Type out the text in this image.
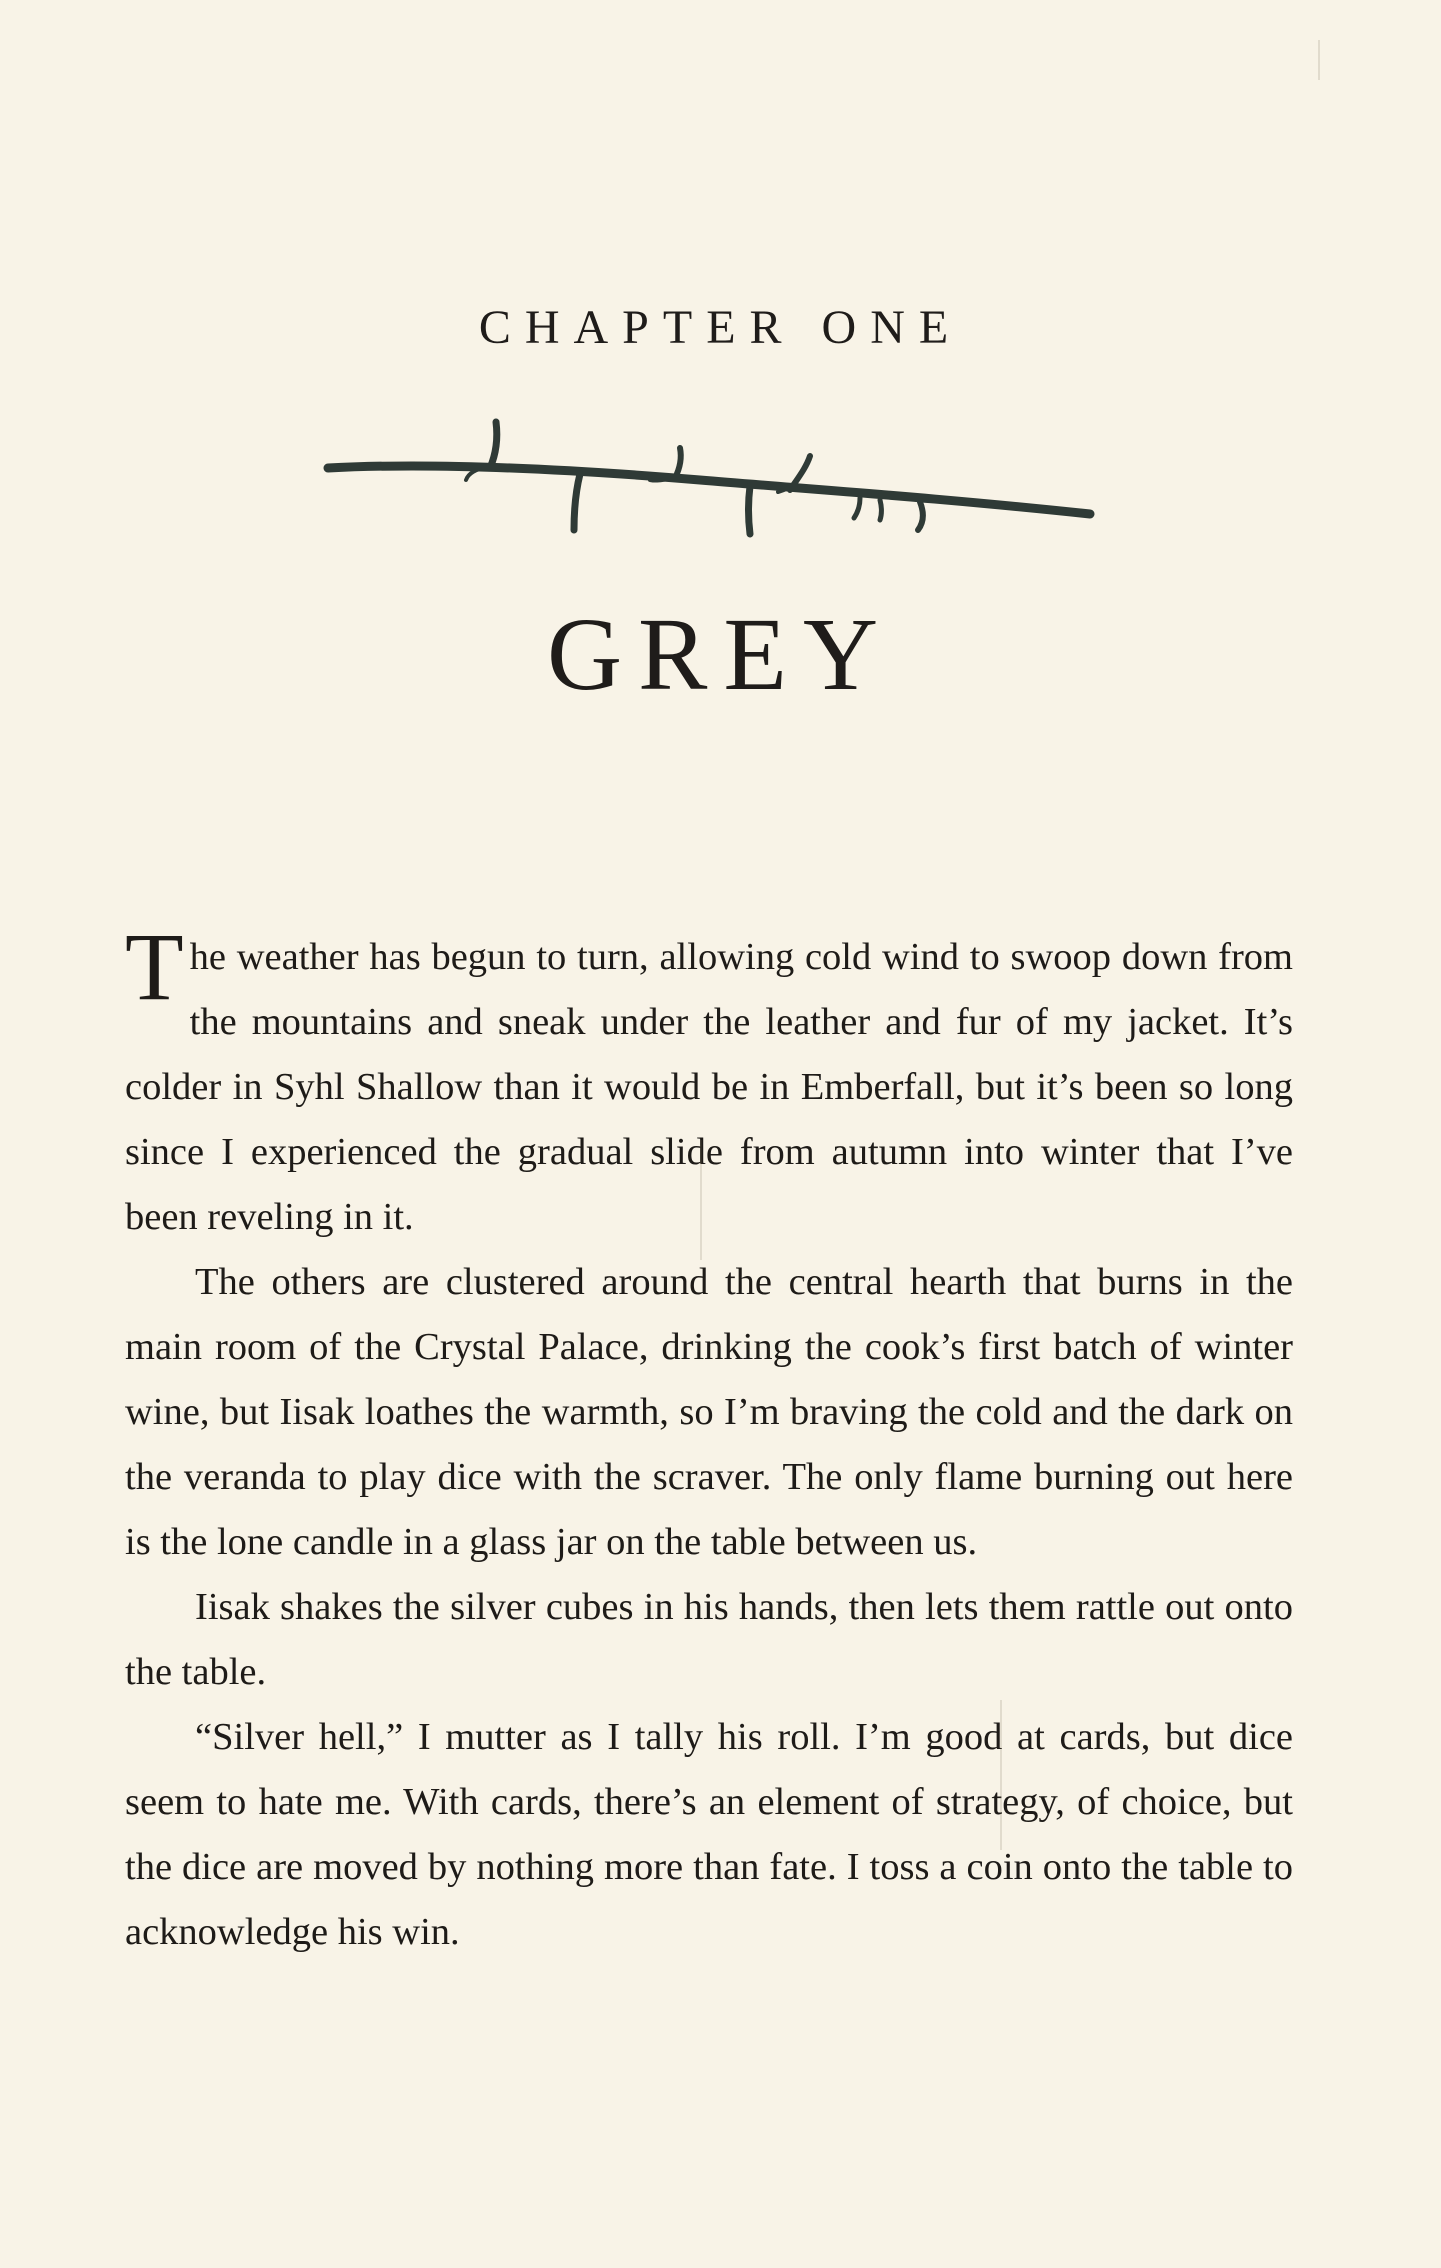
CHAPTER ONE
GREY

The weather has begun to turn, allowing cold wind to swoop down from the mountains and sneak under the leather and fur of my jacket. It’s colder in Syhl Shallow than it would be in Emberfall, but it’s been so long since I experienced the gradual slide from autumn into winter that I’ve been reveling in it.

The others are clustered around the central hearth that burns in the main room of the Crystal Palace, drinking the cook’s first batch of winter wine, but Iisak loathes the warmth, so I’m braving the cold and the dark on the veranda to play dice with the scraver. The only flame burning out here is the lone candle in a glass jar on the table between us.

Iisak shakes the silver cubes in his hands, then lets them rattle out onto the table.

“Silver hell,” I mutter as I tally his roll. I’m good at cards, but dice seem to hate me. With cards, there’s an element of strategy, of choice, but the dice are moved by nothing more than fate. I toss a coin onto the table to acknowledge his win.
